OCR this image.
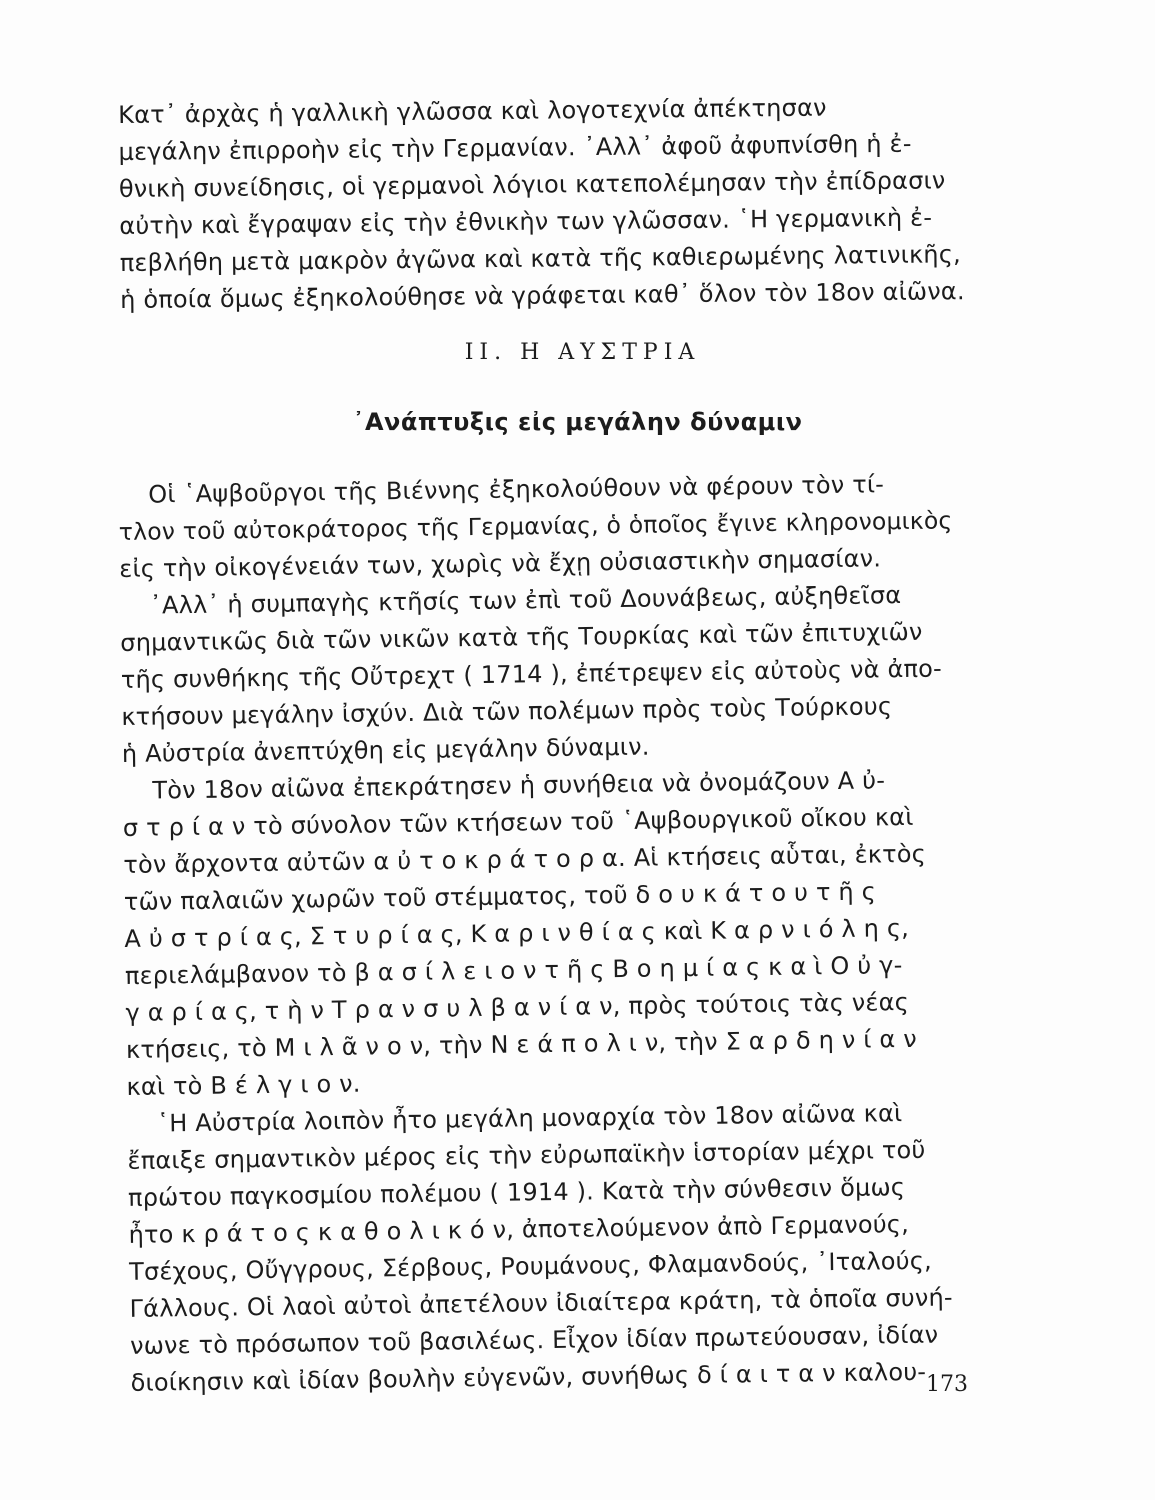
Κατ᾽ ἀρχὰς ἡ γαλλικὴ γλῶσσα καὶ λογοτεχνία ἀπέκτησαν
μεγάλην ἐπιρροὴν εἰς τὴν Γερμανίαν. ᾿Αλλ᾽ ἀφοῦ ἀφυπνίσθη ἡ ἐ-
θνικὴ συνείδησις, οἱ γερμανοὶ λόγιοι κατεπολέμησαν τὴν ἐπίδρασιν
αὐτὴν καὶ ἔγραψαν εἰς τὴν ἐθνικὴν των γλῶσσαν. ῾Η γερμανικὴ ἐ-
πεβλήθη μετὰ μακρὸν ἀγῶνα καὶ κατὰ τῆς καθιερωμένης λατινικῆς,
ἡ ὁποία ὅμως ἐξηκολούθησε νὰ γράφεται καθ᾽ ὅλον τὸν 18ον αἰῶνα.
II. Η ΑΥΣΤΡΙΑ
᾿Ανάπτυξις εἰς μεγάλην δύναμιν
Οἱ ῾Αψβοῦργοι τῆς Βιέννης ἐξηκολούθουν νὰ φέρουν τὸν τί-
τλον τοῦ αὐτοκράτορος τῆς Γερμανίας, ὁ ὁποῖος ἔγινε κληρονομικὸς
εἰς τὴν οἰκογένειάν των, χωρὶς νὰ ἔχῃ οὐσιαστικὴν σημασίαν.
᾿Αλλ᾽ ἡ συμπαγὴς κτῆσίς των ἐπὶ τοῦ Δουνάβεως, αὐξηθεῖσα
σημαντικῶς διὰ τῶν νικῶν κατὰ τῆς Τουρκίας καὶ τῶν ἐπιτυχιῶν
τῆς συνθήκης τῆς Οὔτρεχτ ( 1714 ), ἐπέτρεψεν εἰς αὐτοὺς νὰ ἀπο-
κτήσουν μεγάλην ἰσχύν. Διὰ τῶν πολέμων πρὸς τοὺς Τούρκους
ἡ Αὐστρία ἀνεπτύχθη εἰς μεγάλην δύναμιν.
Τὸν 18ον αἰῶνα ἐπεκράτησεν ἡ συνήθεια νὰ ὀνομάζουν Α ὐ-
σ τ ρ ί α ν τὸ σύνολον τῶν κτήσεων τοῦ ῾Αψβουργικοῦ οἴκου καὶ
τὸν ἄρχοντα αὐτῶν α ὐ τ ο κ ρ ά τ ο ρ α. Αἱ κτήσεις αὗται, ἐκτὸς
τῶν παλαιῶν χωρῶν τοῦ στέμματος, τοῦ δ ο υ κ ά τ ο υ τ ῆ ς
Α ὐ σ τ ρ ί α ς, Σ τ υ ρ ί α ς, Κ α ρ ι ν θ ί α ς καὶ Κ α ρ ν ι ό λ η ς,
περιελάμβανον τὸ β α σ ί λ ε ι ο ν τ ῆ ς Β ο η μ ί α ς κ α ὶ Ο ὐ γ-
γ α ρ ί α ς, τ ὴ ν Τ ρ α ν σ υ λ β α ν ί α ν, πρὸς τούτοις τὰς νέας
κτήσεις, τὸ Μ ι λ ᾶ ν ο ν, τὴν Ν ε ά π ο λ ι ν, τὴν Σ α ρ δ η ν ί α ν
καὶ τὸ Β έ λ γ ι ο ν.
῾Η Αὐστρία λοιπὸν ἦτο μεγάλη μοναρχία τὸν 18ον αἰῶνα καὶ
ἔπαιξε σημαντικὸν μέρος εἰς τὴν εὐρωπαϊκὴν ἱστορίαν μέχρι τοῦ
πρώτου παγκοσμίου πολέμου ( 1914 ). Κατὰ τὴν σύνθεσιν ὅμως
ἦτο κ ρ ά τ ο ς κ α θ ο λ ι κ ό ν, ἀποτελούμενον ἀπὸ Γερμανούς,
Τσέχους, Οὔγγρους, Σέρβους, Ρουμάνους, Φλαμανδούς, ᾿Ιταλούς,
Γάλλους. Οἱ λαοὶ αὐτοὶ ἀπετέλουν ἰδιαίτερα κράτη, τὰ ὁποῖα συνή-
νωνε τὸ πρόσωπον τοῦ βασιλέως. Εἶχον ἰδίαν πρωτεύουσαν, ἰδίαν
διοίκησιν καὶ ἰδίαν βουλὴν εὐγενῶν, συνήθως δ ί α ι τ α ν καλου- 173
